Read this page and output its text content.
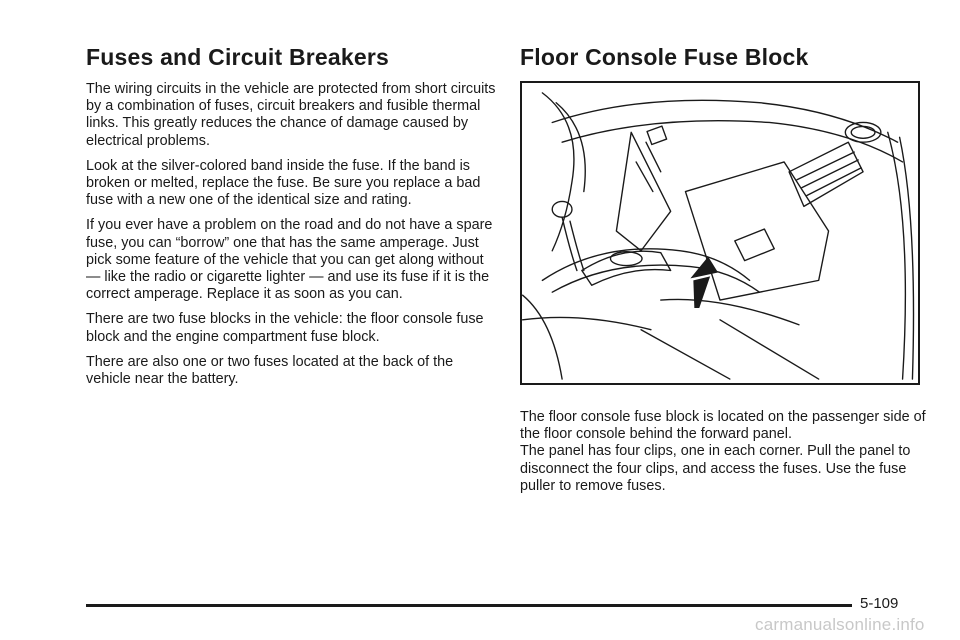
Fuses and Circuit Breakers

The wiring circuits in the vehicle are protected from short circuits by a combination of fuses, circuit breakers and fusible thermal links. This greatly reduces the chance of damage caused by electrical problems.

Look at the silver-colored band inside the fuse. If the band is broken or melted, replace the fuse. Be sure you replace a bad fuse with a new one of the identical size and rating.

If you ever have a problem on the road and do not have a spare fuse, you can “borrow” one that has the same amperage. Just pick some feature of the vehicle that you can get along without — like the radio or cigarette lighter — and use its fuse if it is the correct amperage. Replace it as soon as you can.

There are two fuse blocks in the vehicle: the floor console fuse block and the engine compartment fuse block.

There are also one or two fuses located at the back of the vehicle near the battery.

Floor Console Fuse Block

The floor console fuse block is located on the passenger side of the floor console behind the forward panel.

The panel has four clips, one in each corner. Pull the panel to disconnect the four clips, and access the fuses. Use the fuse puller to remove fuses.

5-109
carmanualsonline.info
